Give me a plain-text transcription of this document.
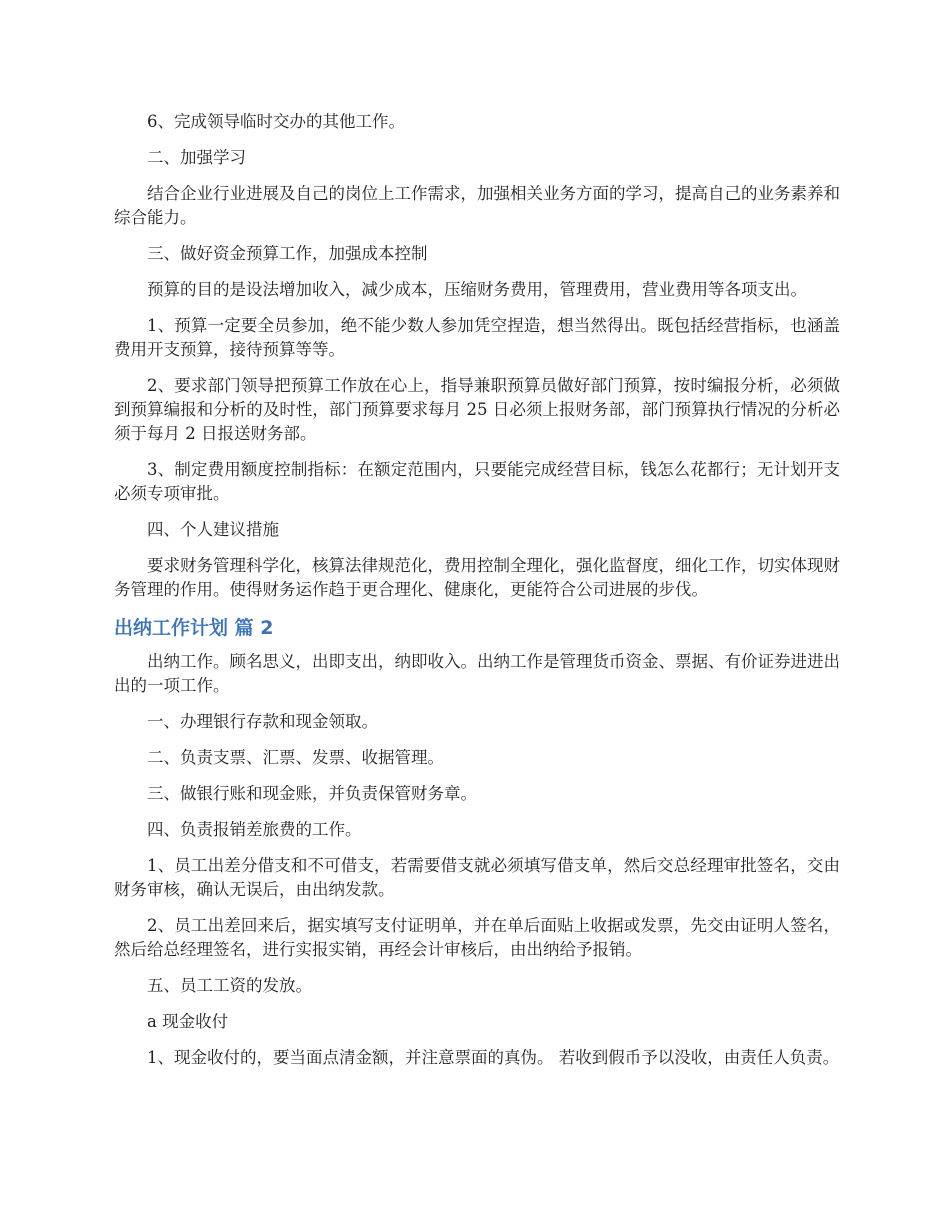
6、完成领导临时交办的其他工作。

二、加强学习

结合企业行业进展及自己的岗位上工作需求，加强相关业务方面的学习，提高自己的业务素养和综合能力。

三、做好资金预算工作，加强成本控制

预算的目的是设法增加收入，减少成本，压缩财务费用，管理费用，营业费用等各项支出。

1、预算一定要全员参加，绝不能少数人参加凭空捏造，想当然得出。既包括经营指标，也涵盖费用开支预算，接待预算等等。

2、要求部门领导把预算工作放在心上，指导兼职预算员做好部门预算，按时编报分析，必须做到预算编报和分析的及时性，部门预算要求每月 25 日必须上报财务部，部门预算执行情况的分析必须于每月 2 日报送财务部。

3、制定费用额度控制指标：在额定范围内，只要能完成经营目标，钱怎么花都行；无计划开支必须专项审批。

四、个人建议措施

要求财务管理科学化，核算法律规范化，费用控制全理化，强化监督度，细化工作，切实体现财务管理的作用。使得财务运作趋于更合理化、健康化，更能符合公司进展的步伐。

出纳工作计划 篇 2

出纳工作。顾名思义，出即支出，纳即收入。出纳工作是管理货币资金、票据、有价证券进进出出的一项工作。

一、办理银行存款和现金领取。

二、负责支票、汇票、发票、收据管理。

三、做银行账和现金账，并负责保管财务章。

四、负责报销差旅费的工作。

1、员工出差分借支和不可借支，若需要借支就必须填写借支单，然后交总经理审批签名，交由财务审核，确认无误后，由出纳发款。

2、员工出差回来后，据实填写支付证明单，并在单后面贴上收据或发票，先交由证明人签名，然后给总经理签名，进行实报实销，再经会计审核后，由出纳给予报销。

五、员工工资的发放。

a 现金收付

1、现金收付的，要当面点清金额，并注意票面的真伪。 若收到假币予以没收，由责任人负责。
